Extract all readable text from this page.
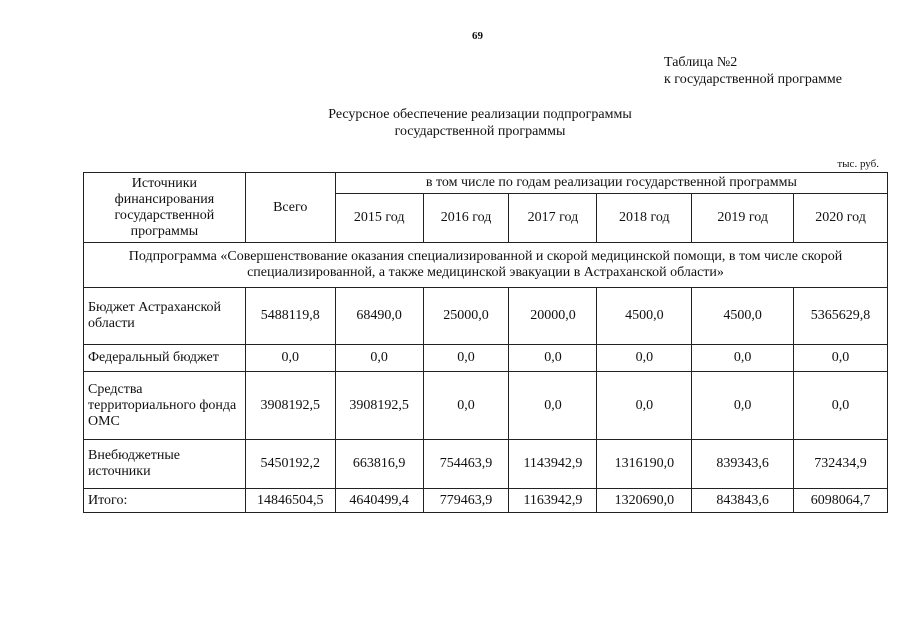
69
Таблица №2
к государственной программе
Ресурсное обеспечение реализации подпрограммы
государственной программы
тыс. руб.
Источники финансирования государственной программы	Всего	в том числе по годам реализации государственной программы					
		2015 год	2016 год	2017 год	2018 год	2019 год	2020 год
Подпрограмма «Совершенствование оказания специализированной и скорой медицинской помощи, в том числе скорой специализированной, а также медицинской эвакуации в Астраханской области»							
Бюджет Астраханской области	5488119,8	68490,0	25000,0	20000,0	4500,0	4500,0	5365629,8
Федеральный бюджет	0,0	0,0	0,0	0,0	0,0	0,0	0,0
Средства территориального фонда ОМС	3908192,5	3908192,5	0,0	0,0	0,0	0,0	0,0
Внебюджетные источники	5450192,2	663816,9	754463,9	1143942,9	1316190,0	839343,6	732434,9
Итого:	14846504,5	4640499,4	779463,9	1163942,9	1320690,0	843843,6	6098064,7
